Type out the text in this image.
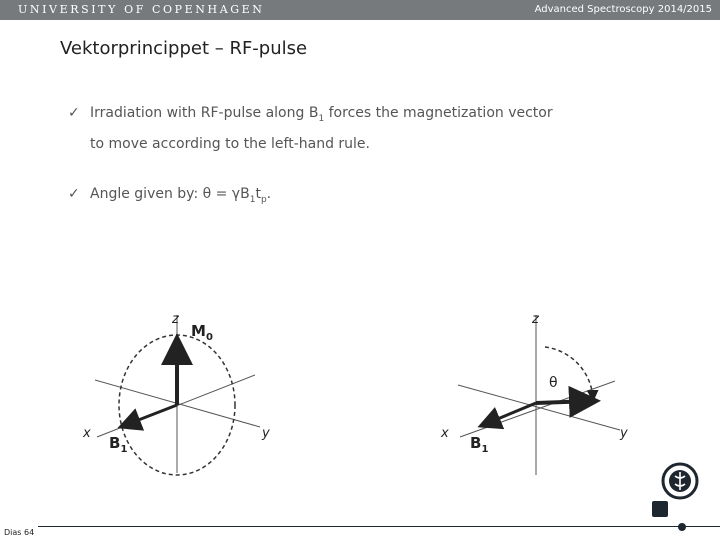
UNIVERSITY OF COPENHAGEN	Advanced Spectroscopy 2014/2015
Vektorprincippet – RF-pulse
✓ Irradiation with RF-pulse along $B_1$ forces the magnetization vector
to move according to the left-hand rule.
✓ Angle given by: $\theta = \gamma B_1t_p$.
z
$M_0$
x	y
$B_1$
z
θ
x	y
$B_1$
Dias 64
